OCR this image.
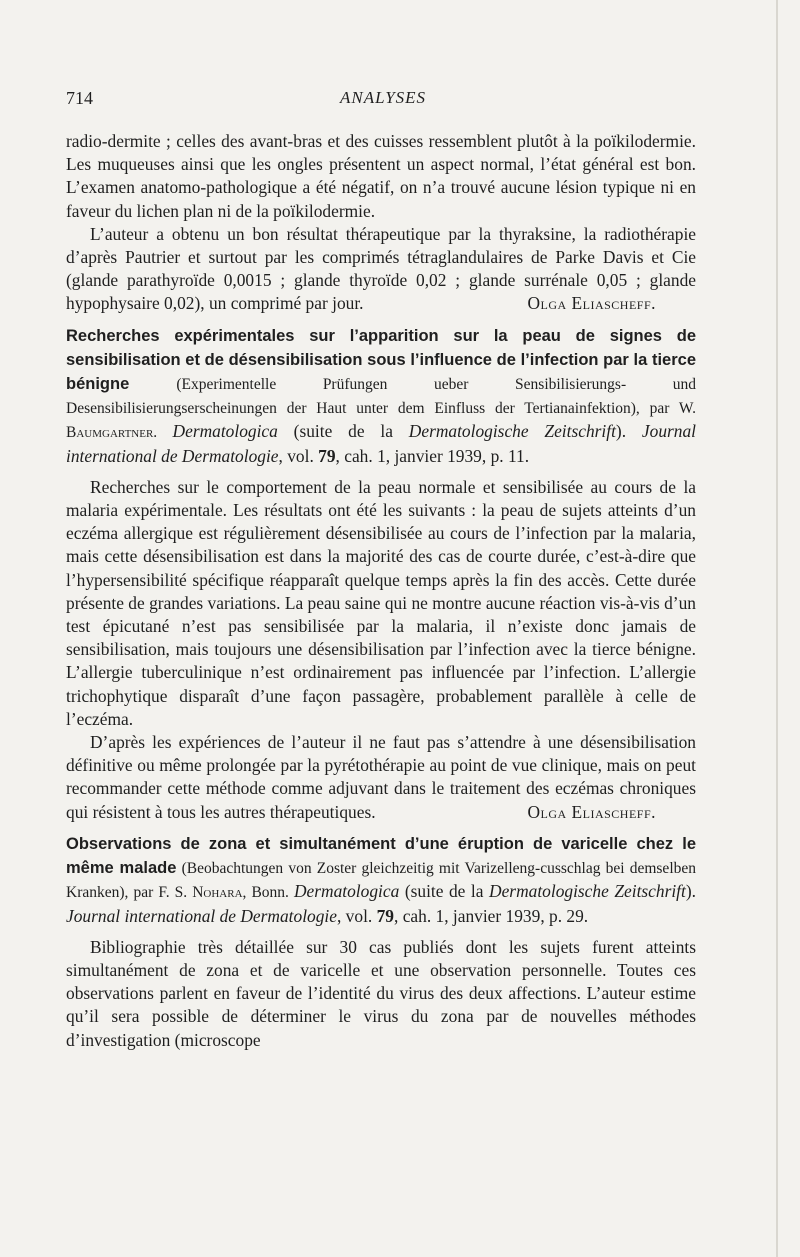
714	ANALYSES

radio-dermite ; celles des avant-bras et des cuisses ressemblent plutôt à la poïkilodermie. Les muqueuses ainsi que les ongles présentent un aspect normal, l’état général est bon. L’examen anatomo-pathologique a été négatif, on n’a trouvé aucune lésion typique ni en faveur du lichen plan ni de la poïkilodermie.

L’auteur a obtenu un bon résultat thérapeutique par la thyraksine, la radiothérapie d’après Pautrier et surtout par les comprimés tétraglandulaires de Parke Davis et Cie (glande parathyroïde 0,0015 ; glande thyroïde 0,02 ; glande surrénale 0,05 ; glande hypophysaire 0,02), un comprimé par jour.	Olga Eliascheff.

Recherches expérimentales sur l’apparition sur la peau de signes de sensibilisation et de désensibilisation sous l’influence de l’infection par la tierce bénigne	(Experimentelle Prüfungen ueber Sensibilisierungs- und Desensibilisierungserscheinungen der Haut unter dem Einfluss der Tertianainfektion), par W. Baumgartner. Dermatologica (suite de la Dermatologische Zeitschrift). Journal international de Dermatologie, vol. 79, cah. 1, janvier 1939, p. 11.

Recherches sur le comportement de la peau normale et sensibilisée au cours de la malaria expérimentale. Les résultats ont été les suivants : la peau de sujets atteints d’un eczéma allergique est régulièrement désensibilisée au cours de l’infection par la malaria, mais cette désensibilisation est dans la majorité des cas de courte durée, c’est-à-dire que l’hypersensibilité spécifique réapparaît quelque temps après la fin des accès. Cette durée présente de grandes variations. La peau saine qui ne montre aucune réaction vis-à-vis d’un test épicutané n’est pas sensibilisée par la malaria, il n’existe donc jamais de sensibilisation, mais toujours une désensibilisation par l’infection avec la tierce bénigne. L’allergie tuberculinique n’est ordinairement pas influencée par l’infection. L’allergie trichophytique disparaît d’une façon passagère, probablement parallèle à celle de l’eczéma.

D’après les expériences de l’auteur il ne faut pas s’attendre à une désensibilisation définitive ou même prolongée par la pyrétothérapie au point de vue clinique, mais on peut recommander cette méthode comme adjuvant dans le traitement des eczémas chroniques qui résistent à tous les autres thérapeutiques.	Olga Eliascheff.

Observations de zona et simultanément d’une éruption de varicelle chez le même malade (Beobachtungen von Zoster gleichzeitig mit Varizelleng-cusschlag bei demselben Kranken), par F. S. Nohara, Bonn. Dermatologica (suite de la Dermatologische Zeitschrift). Journal international de Dermatologie, vol. 79, cah. 1, janvier 1939, p. 29.

Bibliographie très détaillée sur 30 cas publiés dont les sujets furent atteints simultanément de zona et de varicelle et une observation personnelle. Toutes ces observations parlent en faveur de l’identité du virus des deux affections. L’auteur estime qu’il sera possible de déterminer le virus du zona par de nouvelles méthodes d’investigation (microscope
